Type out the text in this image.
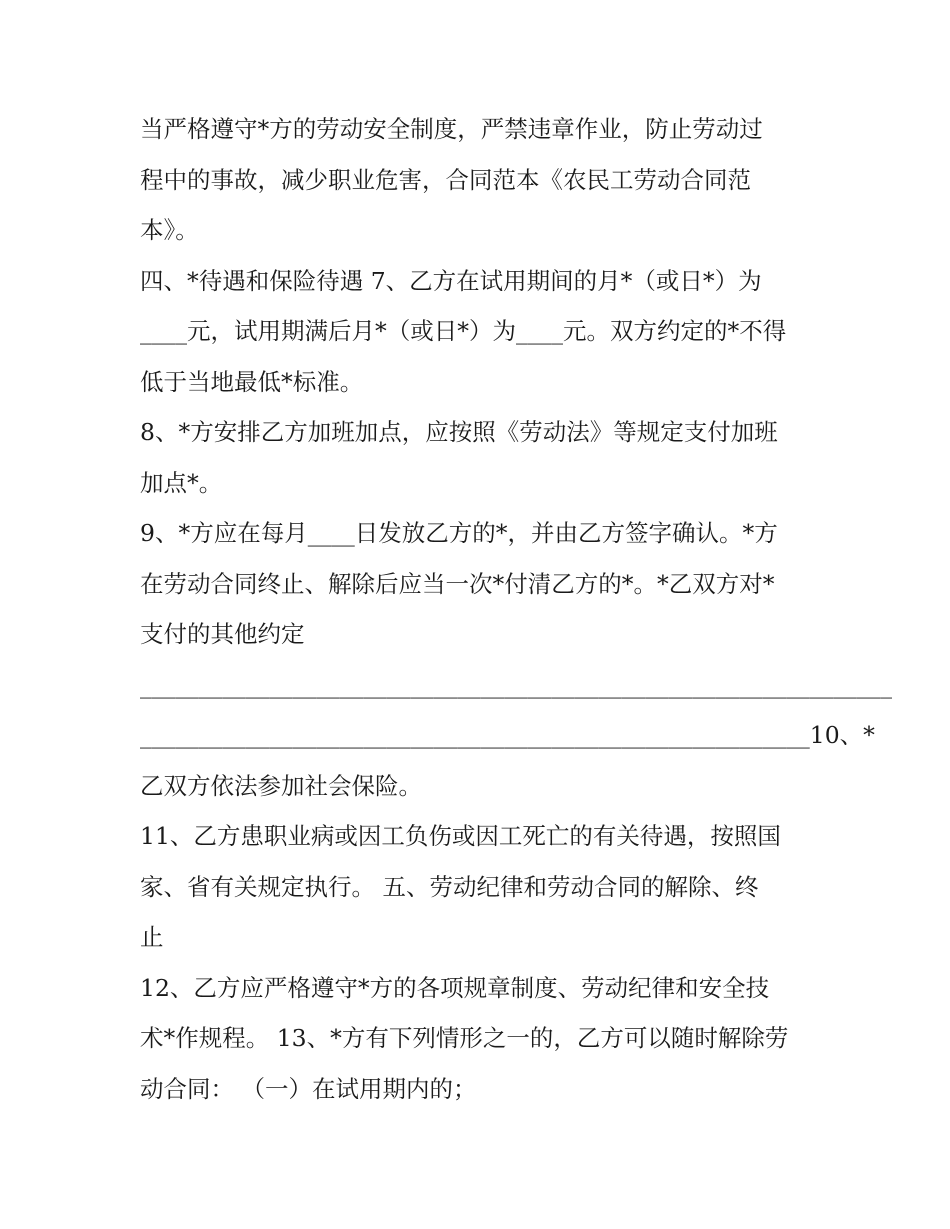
当严格遵守*方的劳动安全制度，严禁违章作业，防止劳动过
程中的事故，减少职业危害，合同范本《农民工劳动合同范
本》。
四、*待遇和保险待遇 7、乙方在试用期间的月*（或日*）为
____元，试用期满后月*（或日*）为____元。双方约定的*不得
低于当地最低*标准。
8、*方安排乙方加班加点，应按照《劳动法》等规定支付加班
加点*。
9、*方应在每月____日发放乙方的*，并由乙方签字确认。*方
在劳动合同终止、解除后应当一次*付清乙方的*。*乙双方对*
支付的其他约定
________________________________________________________________
_________________________________________________________10、*
乙双方依法参加社会保险。
11、乙方患职业病或因工负伤或因工死亡的有关待遇，按照国
家、省有关规定执行。 五、劳动纪律和劳动合同的解除、终
止
12、乙方应严格遵守*方的各项规章制度、劳动纪律和安全技
术*作规程。 13、*方有下列情形之一的，乙方可以随时解除劳
动合同： （一）在试用期内的；
